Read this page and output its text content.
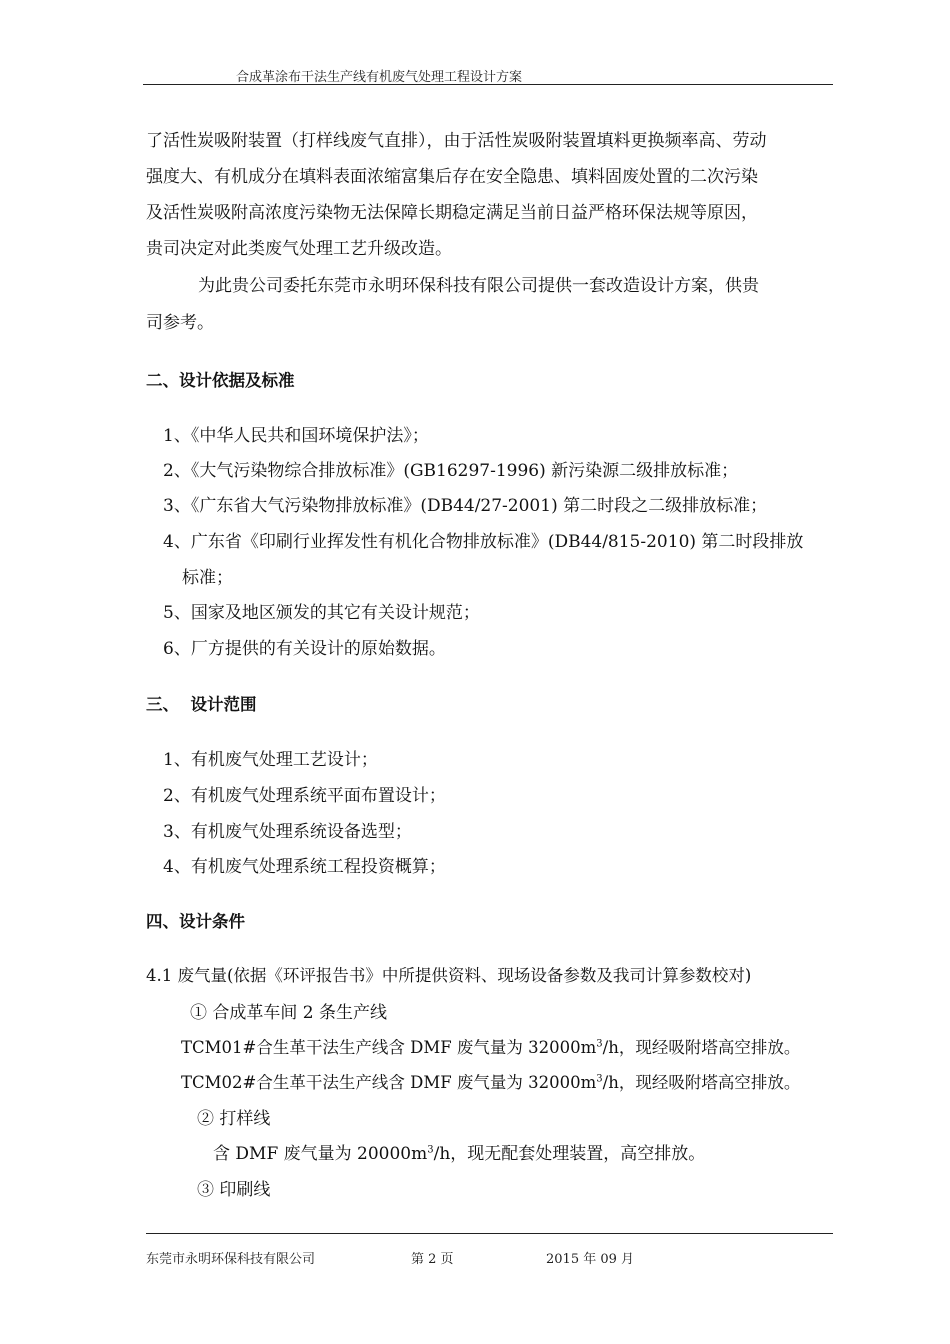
合成革涂布干法生产线有机废气处理工程设计方案
了活性炭吸附装置（打样线废气直排），由于活性炭吸附装置填料更换频率高、劳动
强度大、有机成分在填料表面浓缩富集后存在安全隐患、填料固废处置的二次污染
及活性炭吸附高浓度污染物无法保障长期稳定满足当前日益严格环保法规等原因，
贵司决定对此类废气处理工艺升级改造。
为此贵公司委托东莞市永明环保科技有限公司提供一套改造设计方案，供贵
司参考。
二、设计依据及标准
1、《中华人民共和国环境保护法》；
2、《大气污染物综合排放标准》(GB16297-1996) 新污染源二级排放标准；
3、《广东省大气污染物排放标准》(DB44/27-2001) 第二时段之二级排放标准；
4、广东省《印刷行业挥发性有机化合物排放标准》(DB44/815-2010) 第二时段排放
标准；
5、国家及地区颁发的其它有关设计规范；
6、厂方提供的有关设计的原始数据。
三、  设计范围
1、有机废气处理工艺设计；
2、有机废气处理系统平面布置设计；
3、有机废气处理系统设备选型；
4、有机废气处理系统工程投资概算；
四、设计条件
4.1 废气量(依据《环评报告书》中所提供资料、现场设备参数及我司计算参数校对)
① 合成革车间 2 条生产线
TCM01#合生革干法生产线含 DMF 废气量为 $32000m^3/h$，现经吸附塔高空排放。
TCM02#合生革干法生产线含 DMF 废气量为 $32000m^3/h$，现经吸附塔高空排放。
② 打样线
含 DMF 废气量为 $20000m^3/h$，现无配套处理装置，高空排放。
③ 印刷线
东莞市永明环保科技有限公司	第 2 页	2015 年 09 月
